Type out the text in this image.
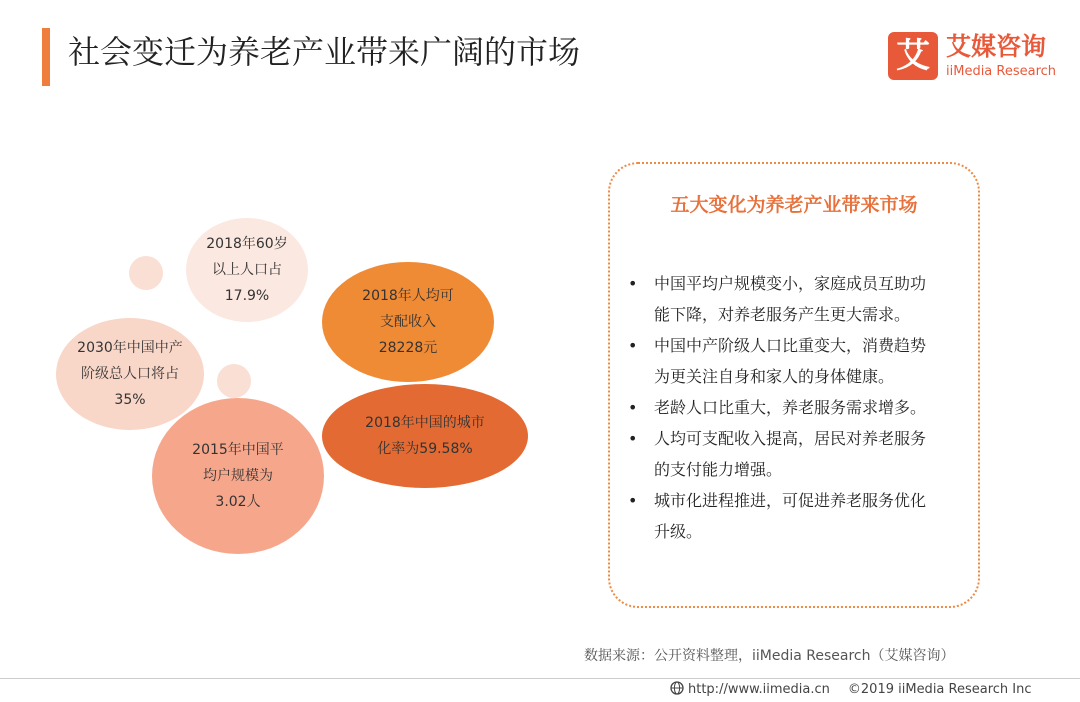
社会变迁为养老产业带来广阔的市场	艾 艾媒咨询
iiMedia Research
2018年60岁
以上人口占
17.9%	2018年人均可
支配收入
28228元
2030年中国中产
阶级总人口将占
35%
2018年中国的城市
化率为59.58%
2015年中国平
均户规模为
3.02人
五大变化为养老产业带来市场
• 中国平均户规模变小，家庭成员互助功
能下降，对养老服务产生更大需求。
• 中国中产阶级人口比重变大，消费趋势
为更关注自身和家人的身体健康。
• 老龄人口比重大，养老服务需求增多。
• 人均可支配收入提高，居民对养老服务
的支付能力增强。
• 城市化进程推进，可促进养老服务优化
升级。
数据来源：公开资料整理，iiMedia Research（艾媒咨询）
http://www.iimedia.cn ©2019 iiMedia Research Inc
